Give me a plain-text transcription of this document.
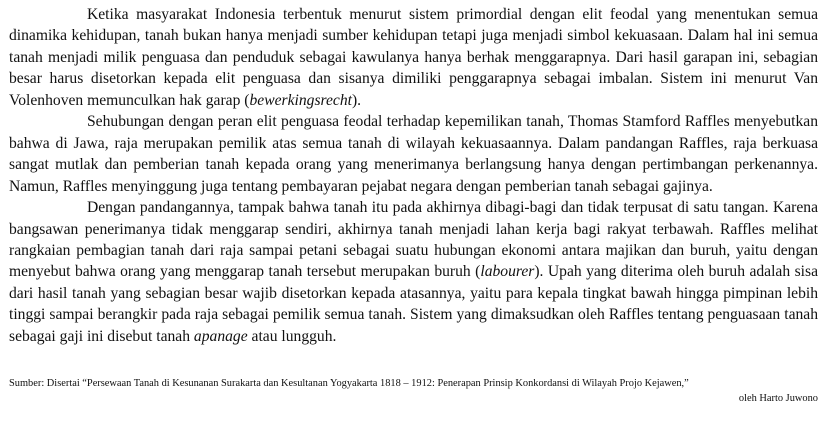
Ketika masyarakat Indonesia terbentuk menurut sistem primordial dengan elit feodal yang menentukan semua dinamika kehidupan, tanah bukan hanya menjadi sumber kehidupan tetapi juga menjadi simbol kekuasaan. Dalam hal ini semua tanah menjadi milik penguasa dan penduduk sebagai kawulanya hanya berhak menggarapnya. Dari hasil garapan ini, sebagian besar harus disetorkan kepada elit penguasa dan sisanya dimiliki penggarapnya sebagai imbalan. Sistem ini menurut Van Volenhoven memunculkan hak garap (bewerkingsrecht).

Sehubungan dengan peran elit penguasa feodal terhadap kepemilikan tanah, Thomas Stamford Raffles menyebutkan bahwa di Jawa, raja merupakan pemilik atas semua tanah di wilayah kekuasaannya. Dalam pandangan Raffles, raja berkuasa sangat mutlak dan pemberian tanah kepada orang yang menerimanya berlangsung hanya dengan pertimbangan perkenannya. Namun, Raffles menyinggung juga tentang pembayaran pejabat negara dengan pemberian tanah sebagai gajinya.

Dengan pandangannya, tampak bahwa tanah itu pada akhirnya dibagi-bagi dan tidak terpusat di satu tangan. Karena bangsawan penerimanya tidak menggarap sendiri, akhirnya tanah menjadi lahan kerja bagi rakyat terbawah. Raffles melihat rangkaian pembagian tanah dari raja sampai petani sebagai suatu hubungan ekonomi antara majikan dan buruh, yaitu dengan menyebut bahwa orang yang menggarap tanah tersebut merupakan buruh (labourer). Upah yang diterima oleh buruh adalah sisa dari hasil tanah yang sebagian besar wajib disetorkan kepada atasannya, yaitu para kepala tingkat bawah hingga pimpinan lebih tinggi sampai berangkir pada raja sebagai pemilik semua tanah. Sistem yang dimaksudkan oleh Raffles tentang penguasaan tanah sebagai gaji ini disebut tanah apanage atau lungguh.

Sumber: Disertai “Persewaan Tanah di Kesunanan Surakarta dan Kesultanan Yogyakarta 1818 – 1912: Penerapan Prinsip Konkordansi di Wilayah Projo Kejawen,”
oleh Harto Juwono
